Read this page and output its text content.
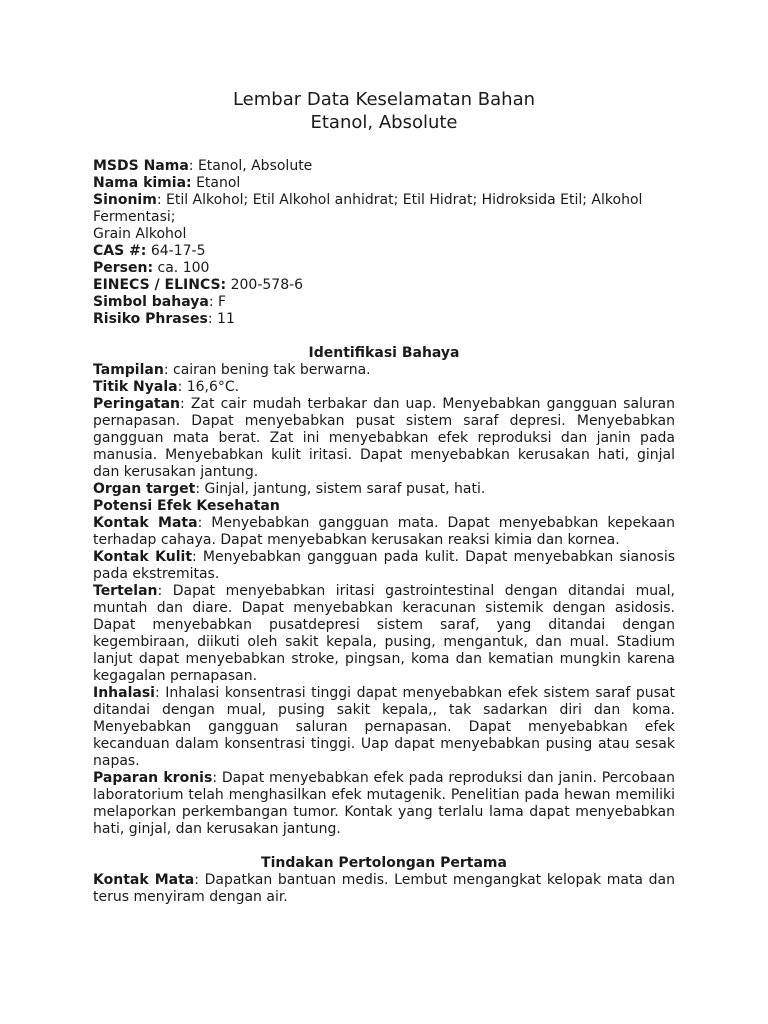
Lembar Data Keselamatan Bahan
Etanol, Absolute

MSDS Nama: Etanol, Absolute

Nama kimia: Etanol

Sinonim: Etil Alkohol; Etil Alkohol anhidrat; Etil Hidrat; Hidroksida Etil; Alkohol Fermentasi;

Grain Alkohol

CAS #: 64-17-5

Persen: ca. 100

EINECS / ELINCS: 200-578-6

Simbol bahaya: F

Risiko Phrases: 11

Identifikasi Bahaya

Tampilan: cairan bening tak berwarna.

Titik Nyala: 16,6°C.

Peringatan: Zat cair mudah terbakar dan uap. Menyebabkan gangguan saluran pernapasan. Dapat menyebabkan pusat sistem saraf depresi. Menyebabkan gangguan mata berat. Zat ini menyebabkan efek reproduksi dan janin pada manusia. Menyebabkan kulit iritasi. Dapat menyebabkan kerusakan hati, ginjal dan kerusakan jantung.

Organ target: Ginjal, jantung, sistem saraf pusat, hati.

Potensi Efek Kesehatan

Kontak Mata: Menyebabkan gangguan mata. Dapat menyebabkan kepekaan terhadap cahaya. Dapat menyebabkan kerusakan reaksi kimia dan kornea.

Kontak Kulit: Menyebabkan gangguan pada kulit. Dapat menyebabkan sianosis pada ekstremitas.

Tertelan: Dapat menyebabkan iritasi gastrointestinal dengan ditandai mual, muntah dan diare. Dapat menyebabkan keracunan sistemik dengan asidosis. Dapat menyebabkan pusatdepresi sistem saraf, yang ditandai dengan kegembiraan, diikuti oleh sakit kepala, pusing, mengantuk, dan mual. Stadium lanjut dapat menyebabkan stroke, pingsan, koma dan kematian mungkin karena kegagalan pernapasan.

Inhalasi: Inhalasi konsentrasi tinggi dapat menyebabkan efek sistem saraf pusat ditandai dengan mual, pusing sakit kepala,, tak sadarkan diri dan koma. Menyebabkan gangguan saluran pernapasan. Dapat menyebabkan efek kecanduan dalam konsentrasi tinggi. Uap dapat menyebabkan pusing atau sesak napas.

Paparan kronis: Dapat menyebabkan efek pada reproduksi dan janin. Percobaan laboratorium telah menghasilkan efek mutagenik. Penelitian pada hewan memiliki melaporkan perkembangan tumor. Kontak yang terlalu lama dapat menyebabkan hati, ginjal, dan kerusakan jantung.

Tindakan Pertolongan Pertama

Kontak Mata: Dapatkan bantuan medis. Lembut mengangkat kelopak mata dan terus menyiram dengan air.
